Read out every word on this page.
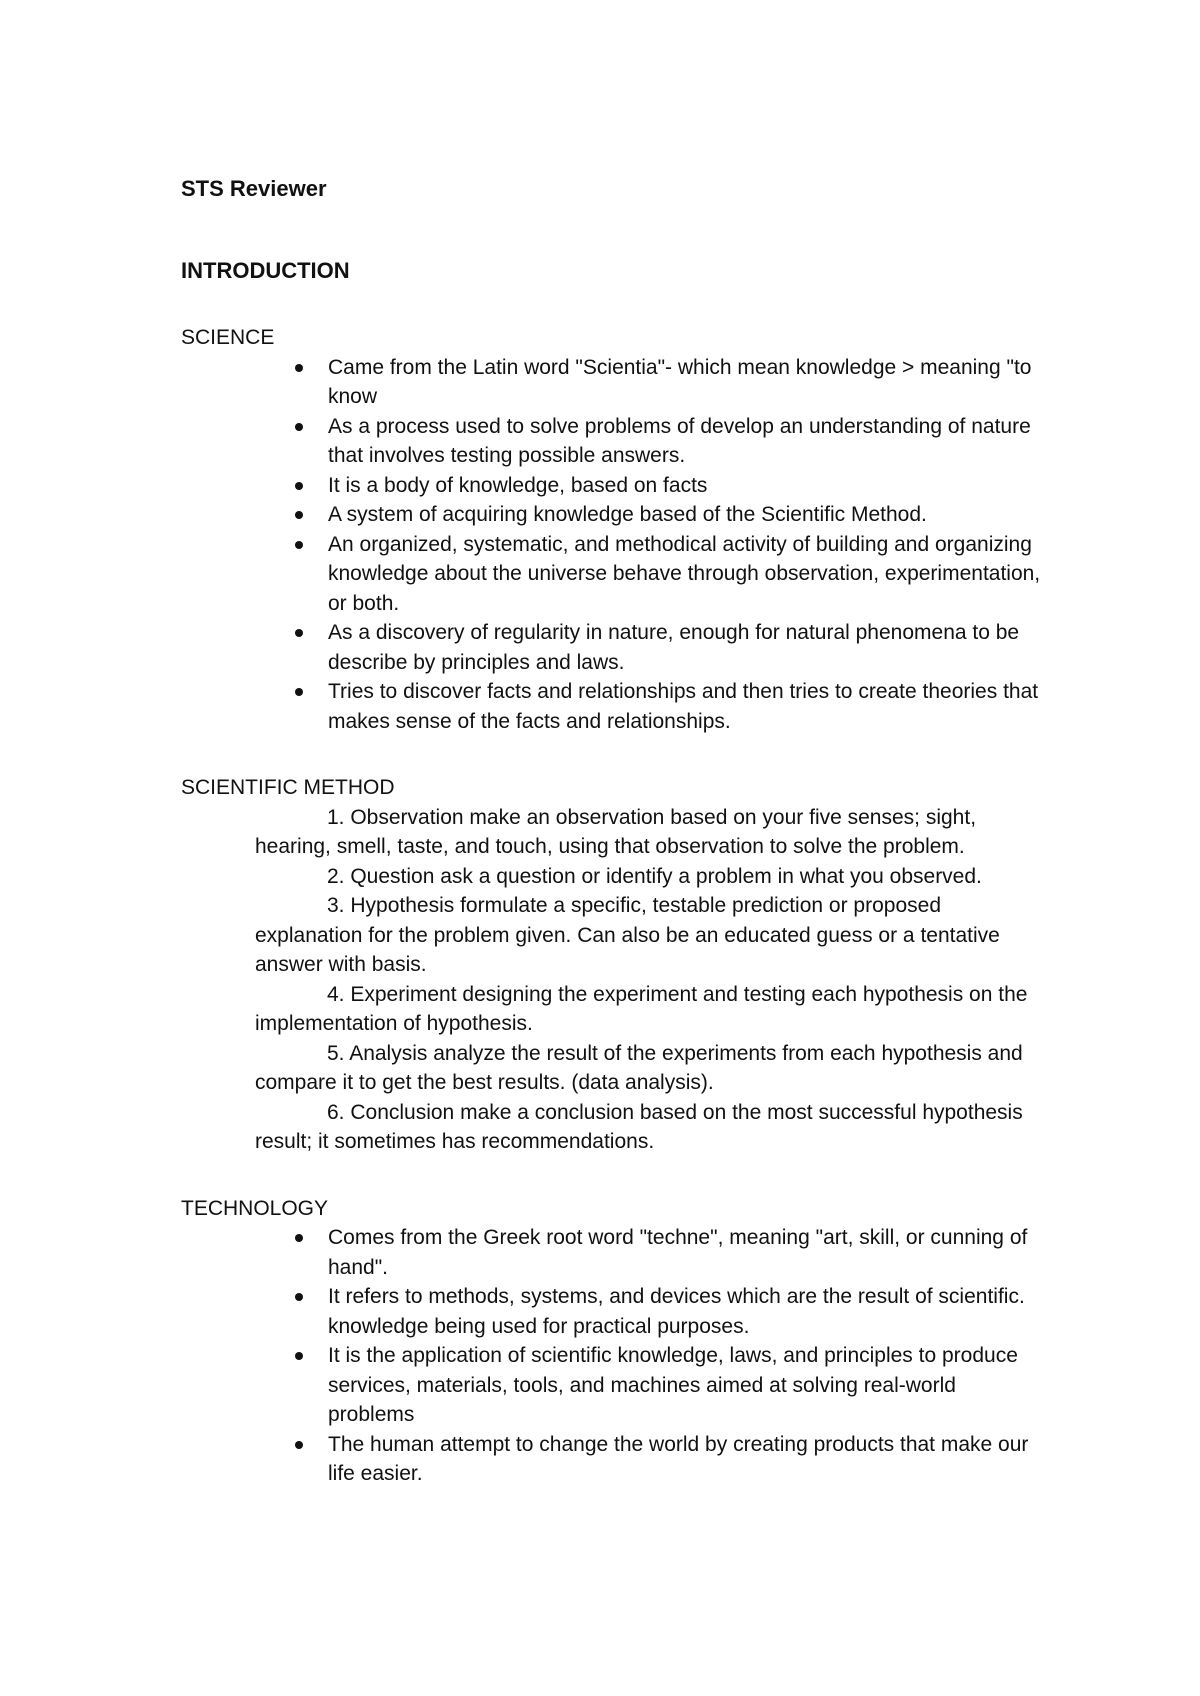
STS Reviewer
INTRODUCTION

SCIENCE

Came from the Latin word "Scientia"- which mean knowledge > meaning "to know
As a process used to solve problems of develop an understanding of nature that involves testing possible answers.
It is a body of knowledge, based on facts
A system of acquiring knowledge based of the Scientific Method.
An organized, systematic, and methodical activity of building and organizing knowledge about the universe behave through observation, experimentation, or both.
As a discovery of regularity in nature, enough for natural phenomena to be describe by principles and laws.
Tries to discover facts and relationships and then tries to create theories that makes sense of the facts and relationships.

SCIENTIFIC METHOD

1. Observation make an observation based on your five senses; sight, hearing, smell, taste, and touch, using that observation to solve the problem.
2. Question ask a question or identify a problem in what you observed.
3. Hypothesis formulate a specific, testable prediction or proposed explanation for the problem given. Can also be an educated guess or a tentative answer with basis.
4. Experiment designing the experiment and testing each hypothesis on the implementation of hypothesis.
5. Analysis analyze the result of the experiments from each hypothesis and compare it to get the best results. (data analysis).
6. Conclusion make a conclusion based on the most successful hypothesis result; it sometimes has recommendations.

TECHNOLOGY

Comes from the Greek root word "techne", meaning "art, skill, or cunning of hand".
It refers to methods, systems, and devices which are the result of scientific. knowledge being used for practical purposes.
It is the application of scientific knowledge, laws, and principles to produce services, materials, tools, and machines aimed at solving real-world problems
The human attempt to change the world by creating products that make our life easier.
